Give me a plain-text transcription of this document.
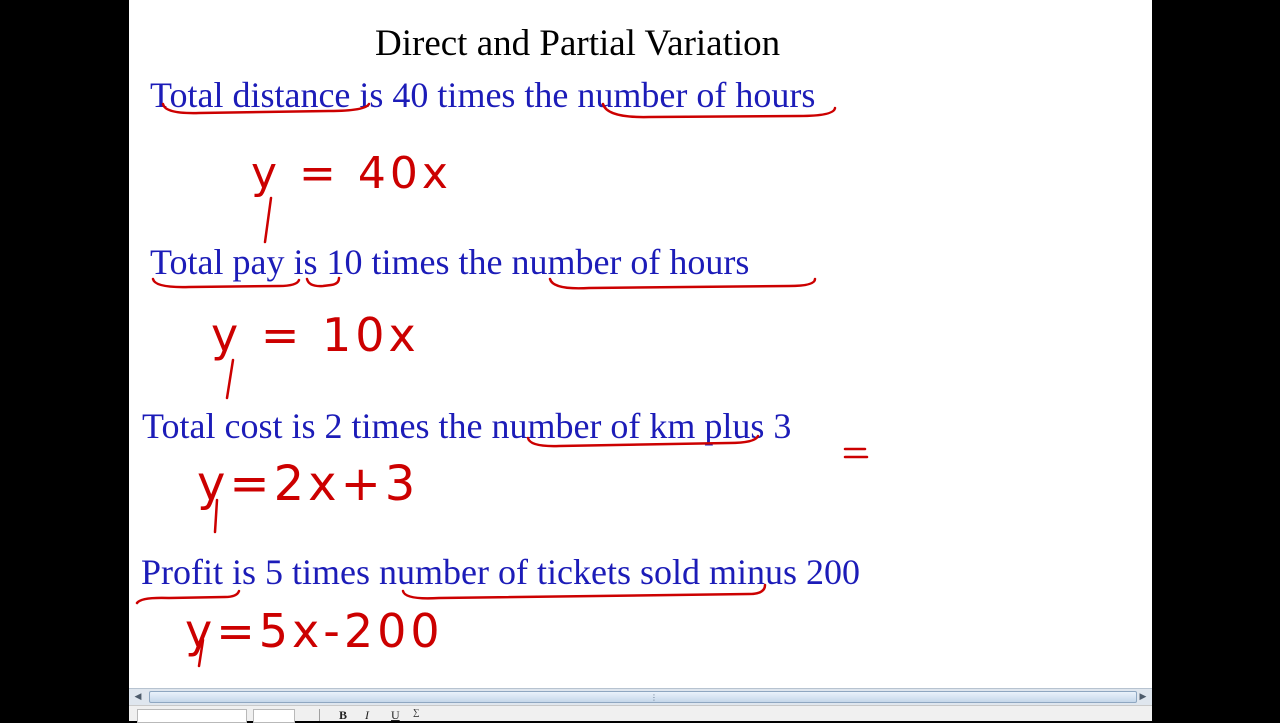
Direct and Partial Variation
Total distance is 40 times the number of hours
y = 40x
Total pay is 10 times the number of hours
y = 10x
Total cost is 2 times the number of km plus 3
y=2x+3
Profit is 5 times number of tickets sold minus 200
y=5x-200
◀	⋮	▶
B I U ∑
